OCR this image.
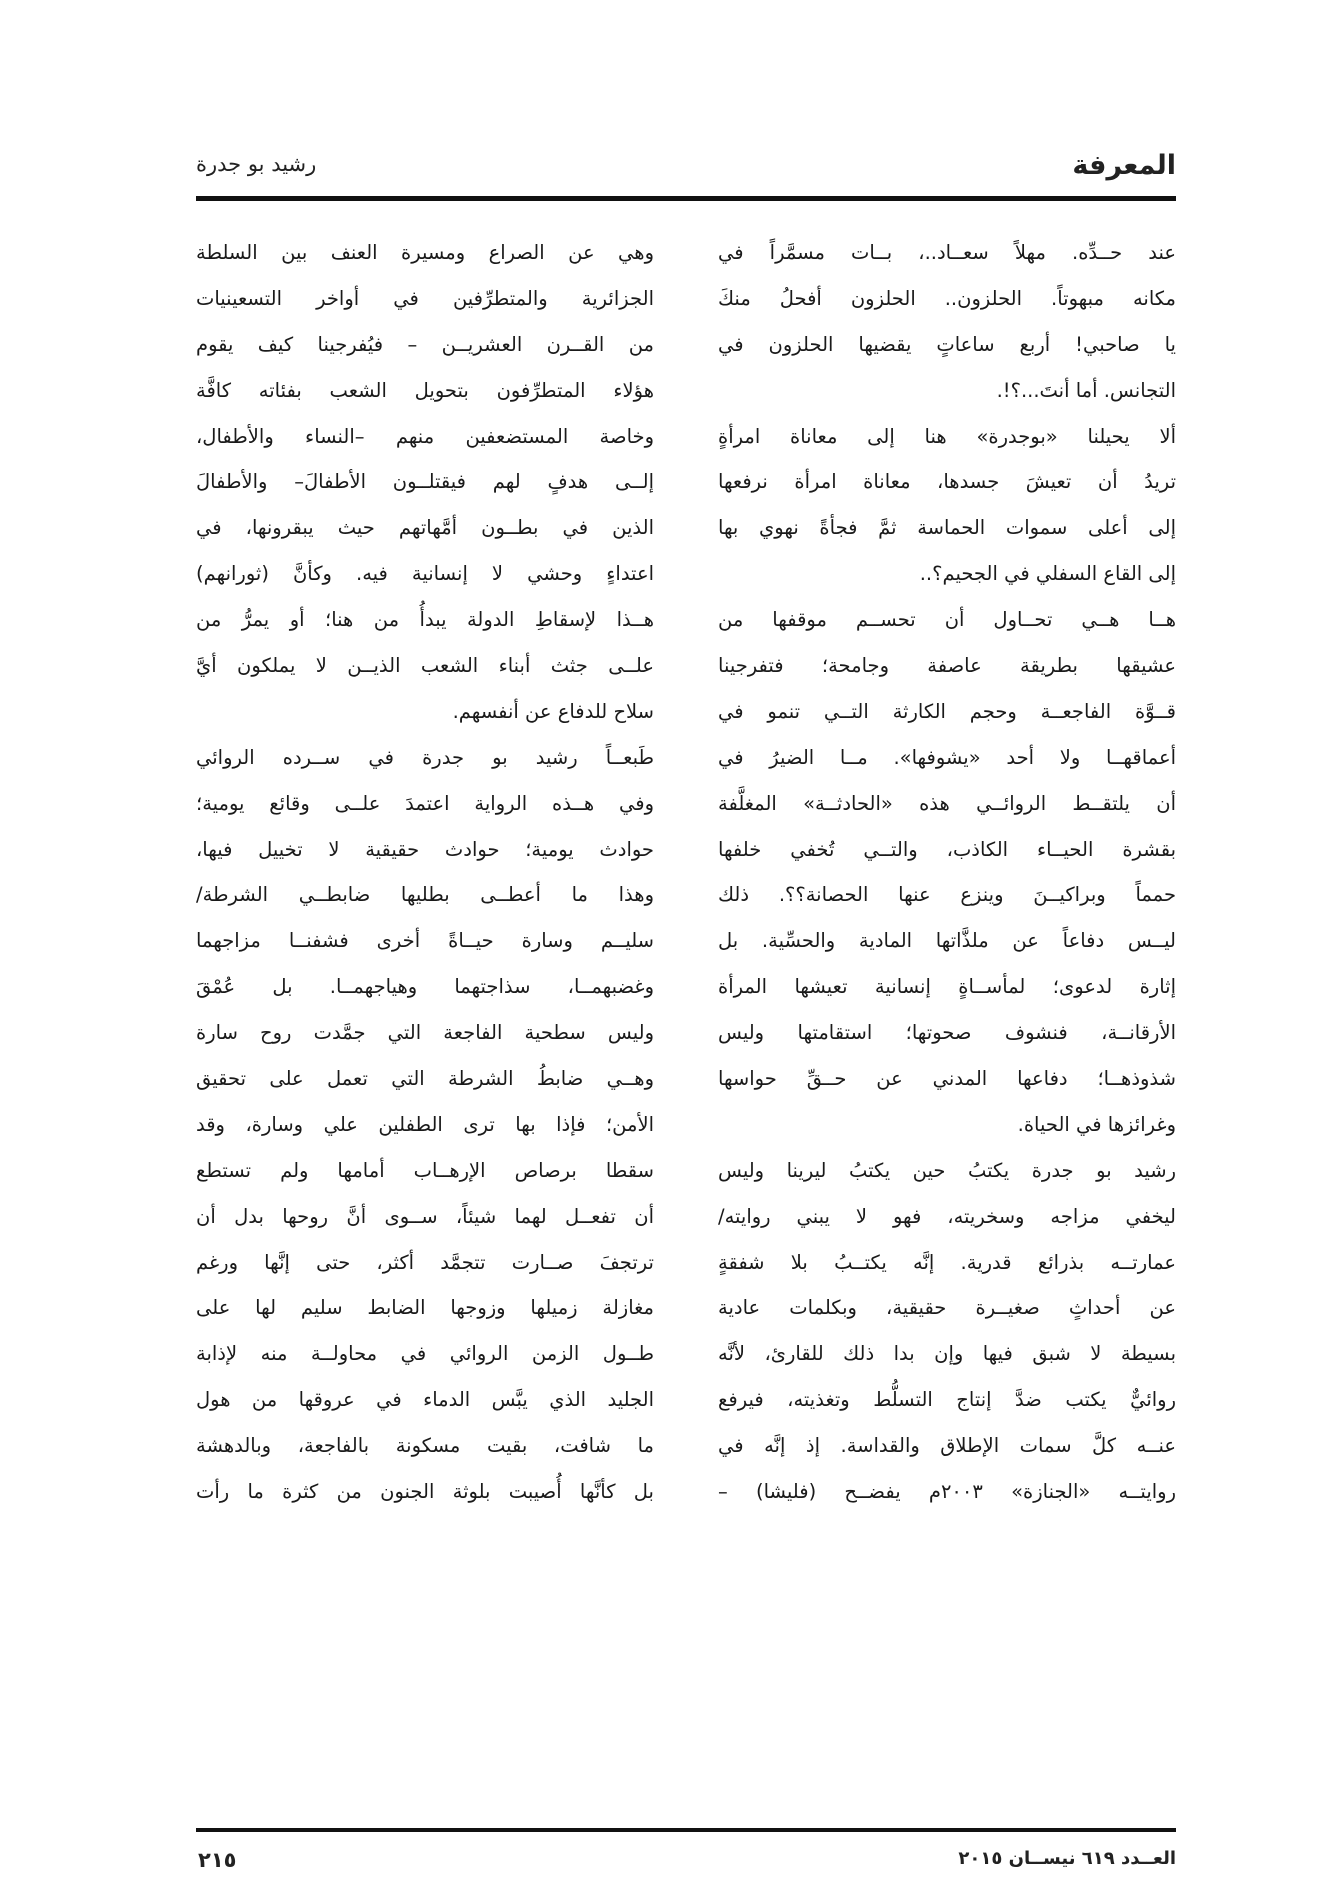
المعرفة
رشيد بو جدرة
عند حــدِّه. مهلاً سعــاد..، بــات مسمَّراً في
مكانه مبهوتاً. الحلزون.. الحلزون أفحلُ منكَ
يا صاحبي! أربع ساعاتٍ يقضيها الحلزون في
التجانس. أما أنتَ...؟!.
ألا يحيلنا «بوجدرة» هنا إلى معاناة امرأةٍ
تريدُ أن تعيشَ جسدها، معاناة امرأة نرفعها
إلى أعلى سموات الحماسة ثمَّ فجأةً نهوي بها
إلى القاع السفلي في الجحيم؟..
هــا هــي تحــاول أن تحســم موقفها من
عشيقها بطريقة عاصفة وجامحة؛ فتفرجينا
قــوَّة الفاجعــة وحجم الكارثة التــي تنمو في
أعماقهــا ولا أحد «يشوفها». مــا الضيرُ في
أن يلتقــط الروائــي هذه «الحادثــة» المغلَّفة
بقشرة الحيــاء الكاذب، والتــي تُخفي خلفها
حمماً وبراكيــنَ وينزع عنها الحصانة؟؟. ذلك
ليــس دفاعاً عن ملذَّاتها المادية والحسِّية. بل
إثارة لدعوى؛ لمأســاةٍ إنسانية تعيشها المرأة
الأرقانــة، فنشوف صحوتها؛ استقامتها وليس
شذوذهــا؛ دفاعها المدني عن حــقِّ حواسها
وغرائزها في الحياة.
رشيد بو جدرة يكتبُ حين يكتبُ ليرينا وليس
ليخفي مزاجه وسخريته، فهو لا يبني روايته/
عمارتــه بذرائع قدرية. إنَّه يكتــبُ بلا شفقةٍ
عن أحداثٍ صغيــرة حقيقية، وبكلمات عادية
بسيطة لا شبق فيها وإن بدا ذلك للقارئ، لأنَّه
روائيٌّ يكتب ضدَّ إنتاج التسلُّط وتغذيته، فيرفع
عنــه كلَّ سمات الإطلاق والقداسة. إذ إنَّه في
روايتــه «الجنازة» ٢٠٠٣م يفضــح (فليشا) –
وهي عن الصراع ومسيرة العنف بين السلطة
الجزائرية والمتطرِّفين في أواخر التسعينيات
من القــرن العشريــن – فيُفرجينا كيف يقوم
هؤلاء المتطرِّفون بتحويل الشعب بفئاته كافَّة
وخاصة المستضعفين منهم –النساء والأطفال،
إلــى هدفٍ لهم فيقتلــون الأطفالَ– والأطفالَ
الذين في بطــون أمَّهاتهم حيث يبقرونها، في
اعتداءٍ وحشي لا إنسانية فيه. وكأنَّ (ثورانهم)
هــذا لإسقاطِ الدولة يبدأُ من هنا؛ أو يمرُّ من
علــى جثث أبناء الشعب الذيــن لا يملكون أيَّ
سلاح للدفاع عن أنفسهم.
طَبعــاً رشيد بو جدرة في ســرده الروائي
وفي هــذه الرواية اعتمدَ علــى وقائع يومية؛
حوادث يومية؛ حوادث حقيقية لا تخييل فيها،
وهذا ما أعطــى بطليها ضابطــي الشرطة/
سليــم وسارة حيــاةً أخرى فشفنــا مزاجهما
وغضبهمــا، سذاجتهما وهياجهمــا. بل عُمْقَ
وليس سطحية الفاجعة التي جمَّدت روح سارة
وهــي ضابطُ الشرطة التي تعمل على تحقيق
الأمن؛ فإذا بها ترى الطفلين علي وسارة، وقد
سقطا برصاص الإرهــاب أمامها ولم تستطع
أن تفعــل لهما شيئاً، ســوى أنَّ روحها بدل أن
ترتجفَ صــارت تتجمَّد أكثر، حتى إنَّها ورغم
مغازلة زميلها وزوجها الضابط سليم لها على
طــول الزمن الروائي في محاولــة منه لإذابة
الجليد الذي يبَّس الدماء في عروقها من هول
ما شافت، بقيت مسكونة بالفاجعة، وبالدهشة
بل كأنَّها أُصيبت بلوثة الجنون من كثرة ما رأت
العــدد ٦١٩ نيســان ٢٠١٥
٢١٥
